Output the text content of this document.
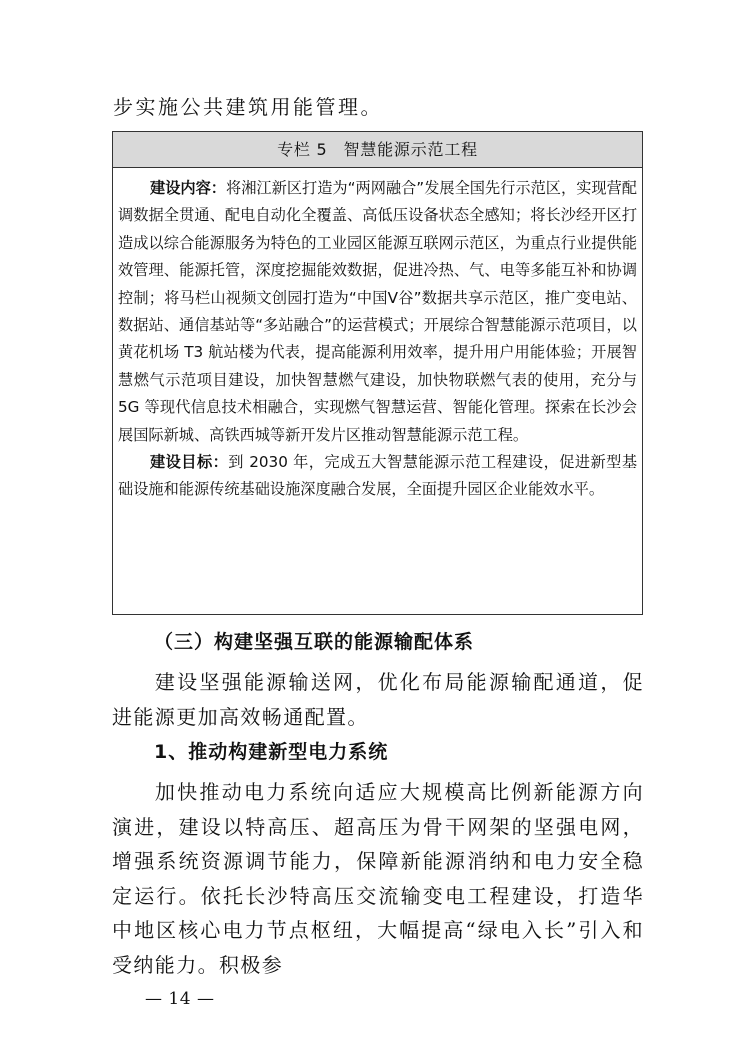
步实施公共建筑用能管理。
专栏 5 智慧能源示范工程

建设内容：将湘江新区打造为“两网融合”发展全国先行示范区，实现营配调数据全贯通、配电自动化全覆盖、高低压设备状态全感知；将长沙经开区打造成以综合能源服务为特色的工业园区能源互联网示范区，为重点行业提供能效管理、能源托管，深度挖掘能效数据，促进冷热、气、电等多能互补和协调控制；将马栏山视频文创园打造为“中国Ⅴ谷”数据共享示范区，推广变电站、数据站、通信基站等“多站融合”的运营模式；开展综合智慧能源示范项目，以黄花机场 T3 航站楼为代表，提高能源利用效率，提升用户用能体验；开展智慧燃气示范项目建设，加快智慧燃气建设，加快物联燃气表的使用，充分与 5G 等现代信息技术相融合，实现燃气智慧运营、智能化管理。探索在长沙会展国际新城、高铁西城等新开发片区推动智慧能源示范工程。

建设目标：到 2030 年，完成五大智慧能源示范工程建设，促进新型基础设施和能源传统基础设施深度融合发展，全面提升园区企业能效水平。

（三）构建坚强互联的能源输配体系
建设坚强能源输送网，优化布局能源输配通道，促进能源更加高效畅通配置。
1、推动构建新型电力系统
加快推动电力系统向适应大规模高比例新能源方向演进，建设以特高压、超高压为骨干网架的坚强电网，增强系统资源调节能力，保障新能源消纳和电力安全稳定运行。依托长沙特高压交流输变电工程建设，打造华中地区核心电力节点枢纽，大幅提高“绿电入长”引入和受纳能力。积极参
— 14 —
